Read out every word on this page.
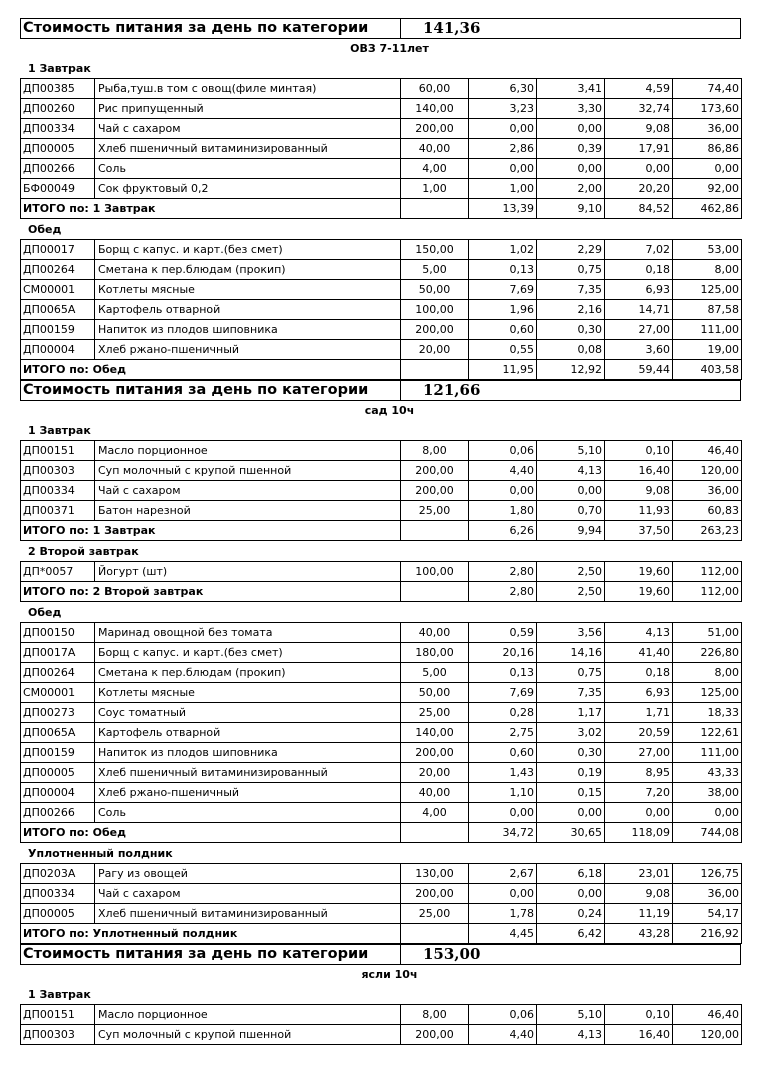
Стоимость питания за день по категории	141,36
ОВЗ 7-11лет
1 Завтрак
ДП00385	Рыба,туш.в том с овощ(филе минтая)	60,00	6,30	3,41	4,59	74,40
ДП00260	Рис припущенный	140,00	3,23	3,30	32,74	173,60
ДП00334	Чай с сахаром	200,00	0,00	0,00	9,08	36,00
ДП00005	Хлеб пшеничный витаминизированный	40,00	2,86	0,39	17,91	86,86
ДП00266	Соль	4,00	0,00	0,00	0,00	0,00
БФ00049	Сок фруктовый 0,2	1,00	1,00	2,00	20,20	92,00
ИТОГО по: 1 Завтрак			13,39	9,10	84,52	462,86
Обед
ДП00017	Борщ с капус. и карт.(без смет)	150,00	1,02	2,29	7,02	53,00
ДП00264	Сметана к пер.блюдам (прокип)	5,00	0,13	0,75	0,18	8,00
СМ00001	Котлеты мясные	50,00	7,69	7,35	6,93	125,00
ДП0065А	Картофель отварной	100,00	1,96	2,16	14,71	87,58
ДП00159	Напиток из плодов шиповника	200,00	0,60	0,30	27,00	111,00
ДП00004	Хлеб ржано-пшеничный	20,00	0,55	0,08	3,60	19,00
ИТОГО по: Обед			11,95	12,92	59,44	403,58
Стоимость питания за день по категории	121,66
сад 10ч
1 Завтрак
ДП00151	Масло порционное	8,00	0,06	5,10	0,10	46,40
ДП00303	Суп молочный с крупой пшенной	200,00	4,40	4,13	16,40	120,00
ДП00334	Чай с сахаром	200,00	0,00	0,00	9,08	36,00
ДП00371	Батон нарезной	25,00	1,80	0,70	11,93	60,83
ИТОГО по: 1 Завтрак			6,26	9,94	37,50	263,23
2 Второй завтрак
ДП*0057	Йогурт (шт)	100,00	2,80	2,50	19,60	112,00
ИТОГО по: 2 Второй завтрак			2,80	2,50	19,60	112,00
Обед
ДП00150	Маринад овощной без томата	40,00	0,59	3,56	4,13	51,00
ДП0017А	Борщ с капус. и карт.(без смет)	180,00	20,16	14,16	41,40	226,80
ДП00264	Сметана к пер.блюдам (прокип)	5,00	0,13	0,75	0,18	8,00
СМ00001	Котлеты мясные	50,00	7,69	7,35	6,93	125,00
ДП00273	Соус томатный	25,00	0,28	1,17	1,71	18,33
ДП0065А	Картофель отварной	140,00	2,75	3,02	20,59	122,61
ДП00159	Напиток из плодов шиповника	200,00	0,60	0,30	27,00	111,00
ДП00005	Хлеб пшеничный витаминизированный	20,00	1,43	0,19	8,95	43,33
ДП00004	Хлеб ржано-пшеничный	40,00	1,10	0,15	7,20	38,00
ДП00266	Соль	4,00	0,00	0,00	0,00	0,00
ИТОГО по: Обед			34,72	30,65	118,09	744,08
Уплотненный полдник
ДП0203А	Рагу из овощей	130,00	2,67	6,18	23,01	126,75
ДП00334	Чай с сахаром	200,00	0,00	0,00	9,08	36,00
ДП00005	Хлеб пшеничный витаминизированный	25,00	1,78	0,24	11,19	54,17
ИТОГО по: Уплотненный полдник			4,45	6,42	43,28	216,92
Стоимость питания за день по категории	153,00
ясли 10ч
1 Завтрак
ДП00151	Масло порционное	8,00	0,06	5,10	0,10	46,40
ДП00303	Суп молочный с крупой пшенной	200,00	4,40	4,13	16,40	120,00
